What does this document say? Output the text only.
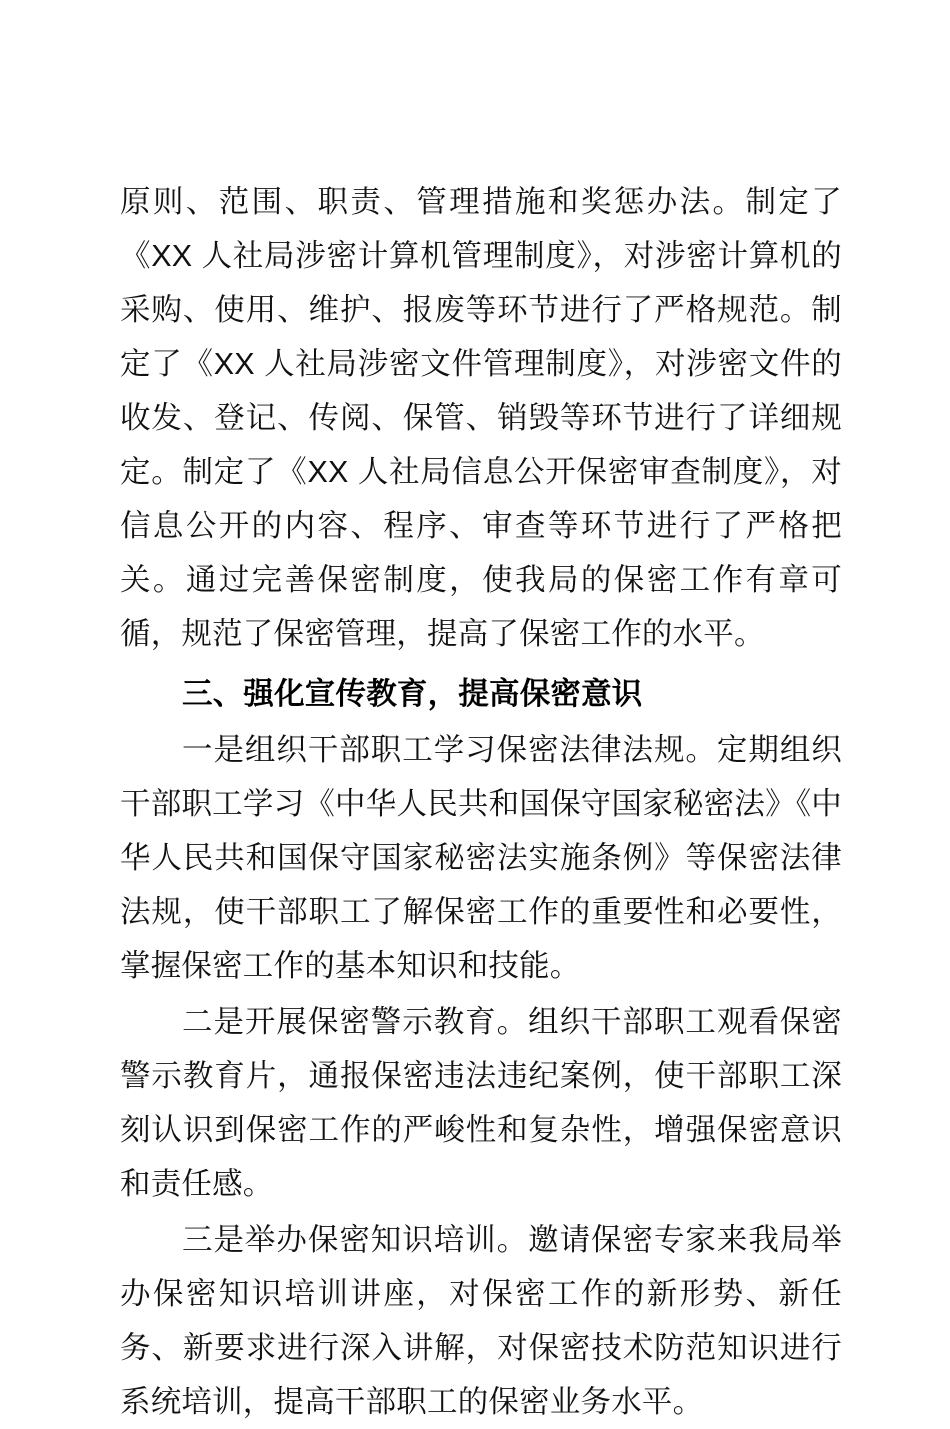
原则、范围、职责、管理措施和奖惩办法。制定了《XX 人社局涉密计算机管理制度》，对涉密计算机的采购、使用、维护、报废等环节进行了严格规范。制定了《XX 人社局涉密文件管理制度》，对涉密文件的收发、登记、传阅、保管、销毁等环节进行了详细规定。制定了《XX 人社局信息公开保密审查制度》，对信息公开的内容、程序、审查等环节进行了严格把关。通过完善保密制度，使我局的保密工作有章可循，规范了保密管理，提高了保密工作的水平。

三、强化宣传教育，提高保密意识

一是组织干部职工学习保密法律法规。定期组织干部职工学习《中华人民共和国保守国家秘密法》《中华人民共和国保守国家秘密法实施条例》等保密法律法规，使干部职工了解保密工作的重要性和必要性，掌握保密工作的基本知识和技能。

二是开展保密警示教育。组织干部职工观看保密警示教育片，通报保密违法违纪案例，使干部职工深刻认识到保密工作的严峻性和复杂性，增强保密意识和责任感。

三是举办保密知识培训。邀请保密专家来我局举办保密知识培训讲座，对保密工作的新形势、新任务、新要求进行深入讲解，对保密技术防范知识进行系统培训，提高干部职工的保密业务水平。
